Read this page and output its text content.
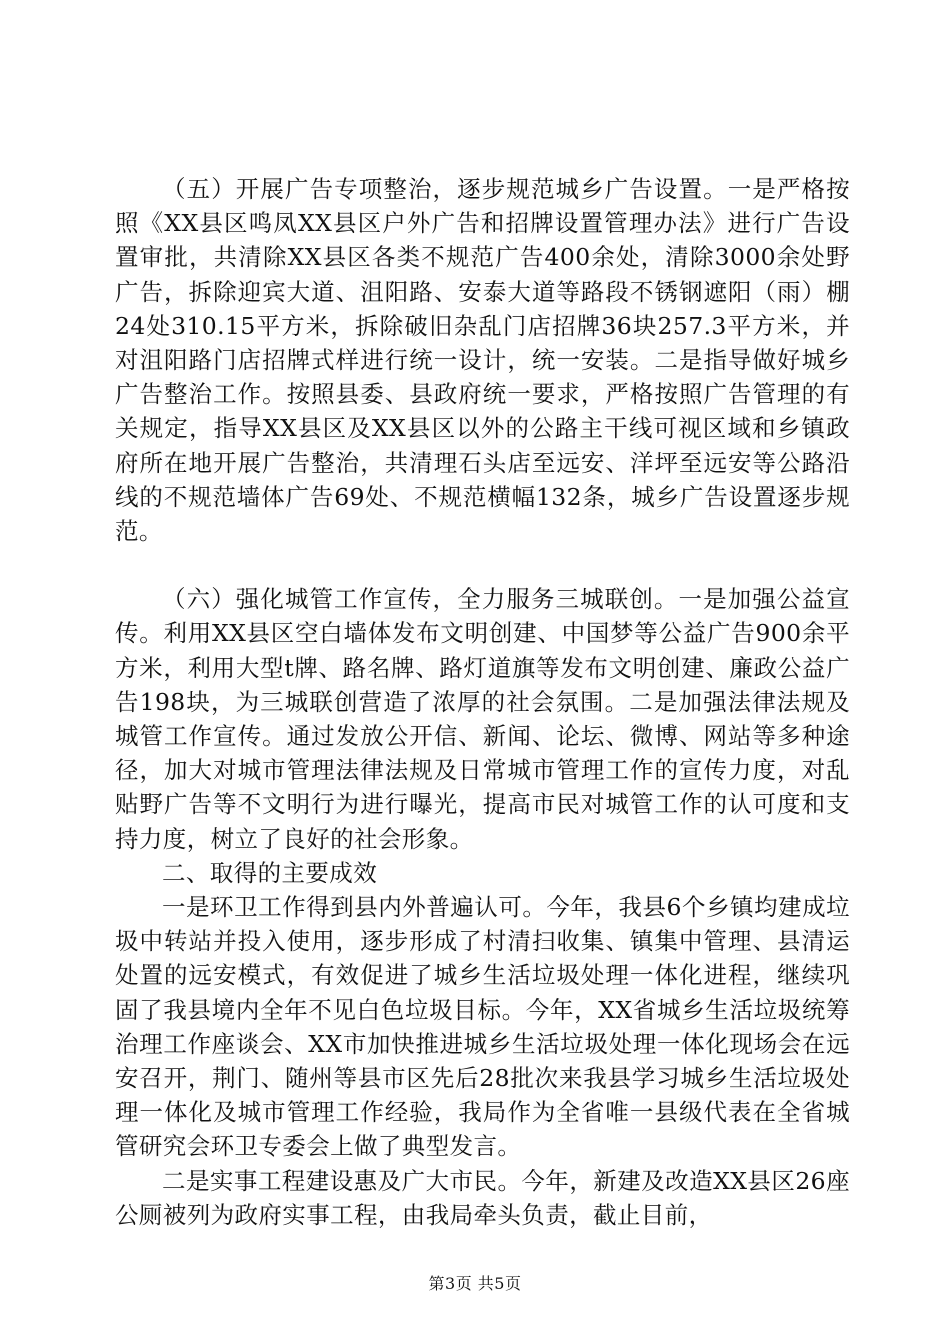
（五）开展广告专项整治，逐步规范城乡广告设置。一是严格按照《XX县区鸣凤XX县区户外广告和招牌设置管理办法》进行广告设置审批，共清除XX县区各类不规范广告400余处，清除3000余处野广告，拆除迎宾大道、沮阳路、安泰大道等路段不锈钢遮阳（雨）棚24处310.15平方米，拆除破旧杂乱门店招牌36块257.3平方米，并对沮阳路门店招牌式样进行统一设计，统一安装。二是指导做好城乡广告整治工作。按照县委、县政府统一要求，严格按照广告管理的有关规定，指导XX县区及XX县区以外的公路主干线可视区域和乡镇政府所在地开展广告整治，共清理石头店至远安、洋坪至远安等公路沿线的不规范墙体广告69处、不规范横幅132条，城乡广告设置逐步规范。

（六）强化城管工作宣传，全力服务三城联创。一是加强公益宣传。利用XX县区空白墙体发布文明创建、中国梦等公益广告900余平方米，利用大型t牌、路名牌、路灯道旗等发布文明创建、廉政公益广告198块，为三城联创营造了浓厚的社会氛围。二是加强法律法规及城管工作宣传。通过发放公开信、新闻、论坛、微博、网站等多种途径，加大对城市管理法律法规及日常城市管理工作的宣传力度，对乱贴野广告等不文明行为进行曝光，提高市民对城管工作的认可度和支持力度，树立了良好的社会形象。

二、取得的主要成效

一是环卫工作得到县内外普遍认可。今年，我县6个乡镇均建成垃圾中转站并投入使用，逐步形成了村清扫收集、镇集中管理、县清运处置的远安模式，有效促进了城乡生活垃圾处理一体化进程，继续巩固了我县境内全年不见白色垃圾目标。今年，XX省城乡生活垃圾统筹治理工作座谈会、XX市加快推进城乡生活垃圾处理一体化现场会在远安召开，荆门、随州等县市区先后28批次来我县学习城乡生活垃圾处理一体化及城市管理工作经验，我局作为全省唯一县级代表在全省城管研究会环卫专委会上做了典型发言。

二是实事工程建设惠及广大市民。今年，新建及改造XX县区26座公厕被列为政府实事工程，由我局牵头负责，截止目前，

第3页 共5页
